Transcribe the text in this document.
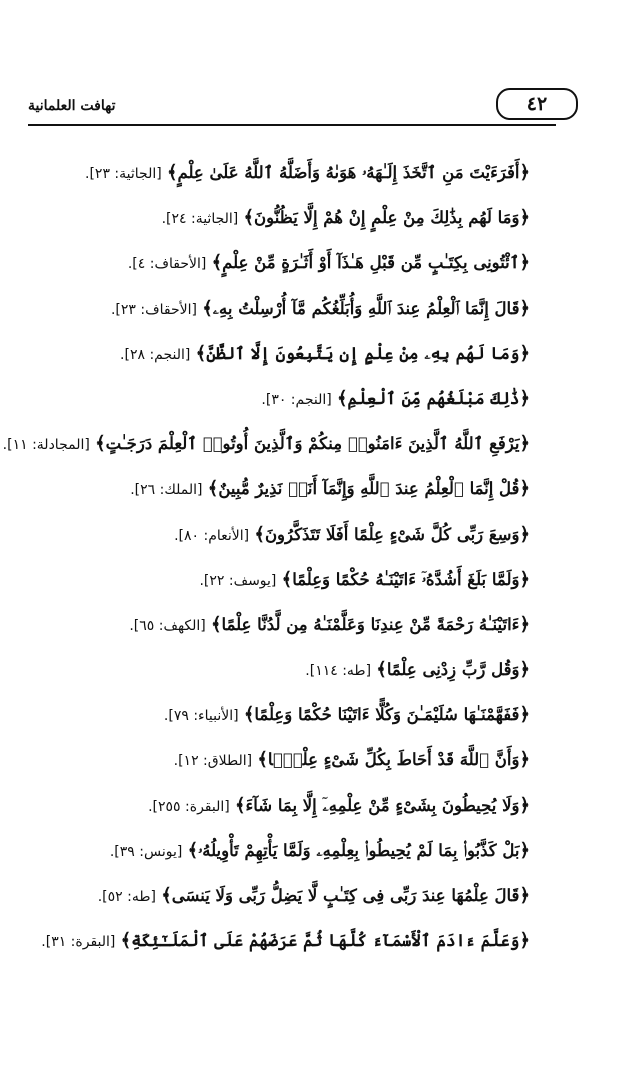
٤٢
تهافت العلمانية
﴿أَفَرَءَيْتَ مَنِ ٱتَّخَذَ إِلَـٰهَهُۥ هَوَىٰهُ وَأَضَلَّهُ ٱللَّهُ عَلَىٰ عِلْمٍ﴾ [الجاثية: ٢٣].
﴿وَمَا لَهُم بِذَٰلِكَ مِنْ عِلْمٍ إِنْ هُمْ إِلَّا يَظُنُّونَ﴾ [الجاثية: ٢٤].
﴿ٱئْتُونِى بِكِتَـٰبٍ مِّن قَبْلِ هَـٰذَآ أَوْ أَثَـٰرَةٍ مِّنْ عِلْمٍ﴾ [الأحقاف: ٤].
﴿قَالَ إِنَّمَا ٱلْعِلْمُ عِندَ ٱللَّهِ وَأُبَلِّغُكُم مَّآ أُرْسِلْتُ بِهِۦ﴾ [الأحقاف: ٢٣].
﴿وَمَا لَهُم بِهِۦ مِنْ عِلْمٍ إِن يَتَّبِعُونَ إِلَّا ٱلظَّنَّ﴾ [النجم: ٢٨].
﴿ذَٰلِكَ مَبْلَغُهُم مِّنَ ٱلْعِلْمِ﴾ [النجم: ٣٠].
﴿يَرْفَعِ ٱللَّهُ ٱلَّذِينَ ءَامَنُوا۟ مِنكُمْ وَٱلَّذِينَ أُوتُوا۟ ٱلْعِلْمَ دَرَجَـٰتٍ﴾ [المجادلة: ١١].
﴿قُلْ إِنَّمَا ٱلْعِلْمُ عِندَ ٱللَّهِ وَإِنَّمَآ أَنَا۠ نَذِيرٌ مُّبِينٌ﴾ [الملك: ٢٦].
﴿وَسِعَ رَبِّى كُلَّ شَىْءٍ عِلْمًا أَفَلَا تَتَذَكَّرُونَ﴾ [الأنعام: ٨٠].
﴿وَلَمَّا بَلَغَ أَشُدَّهُۥٓ ءَاتَيْنَـٰهُ حُكْمًا وَعِلْمًا﴾ [يوسف: ٢٢].
﴿ءَاتَيْنَـٰهُ رَحْمَةً مِّنْ عِندِنَا وَعَلَّمْنَـٰهُ مِن لَّدُنَّا عِلْمًا﴾ [الكهف: ٦٥].
﴿وَقُل رَّبِّ زِدْنِى عِلْمًا﴾ [طه: ١١٤].
﴿فَفَهَّمْنَـٰهَا سُلَيْمَـٰنَ وَكُلًّا ءَاتَيْنَا حُكْمًا وَعِلْمًا﴾ [الأنبياء: ٧٩].
﴿وَأَنَّ ٱللَّهَ قَدْ أَحَاطَ بِكُلِّ شَىْءٍ عِلْمًۢا﴾ [الطلاق: ١٢].
﴿وَلَا يُحِيطُونَ بِشَىْءٍ مِّنْ عِلْمِهِۦٓ إِلَّا بِمَا شَآءَ﴾ [البقرة: ٢٥٥].
﴿بَلْ كَذَّبُوا۟ بِمَا لَمْ يُحِيطُوا۟ بِعِلْمِهِۦ وَلَمَّا يَأْتِهِمْ تَأْوِيلُهُۥ﴾ [يونس: ٣٩].
﴿قَالَ عِلْمُهَا عِندَ رَبِّى فِى كِتَـٰبٍ لَّا يَضِلُّ رَبِّى وَلَا يَنسَى﴾ [طه: ٥٢].
﴿وَعَلَّمَ ءَادَمَ ٱلْأَسْمَآءَ كُلَّهَا ثُمَّ عَرَضَهُمْ عَلَى ٱلْمَلَـٰٓئِكَةِ﴾ [البقرة: ٣١].
